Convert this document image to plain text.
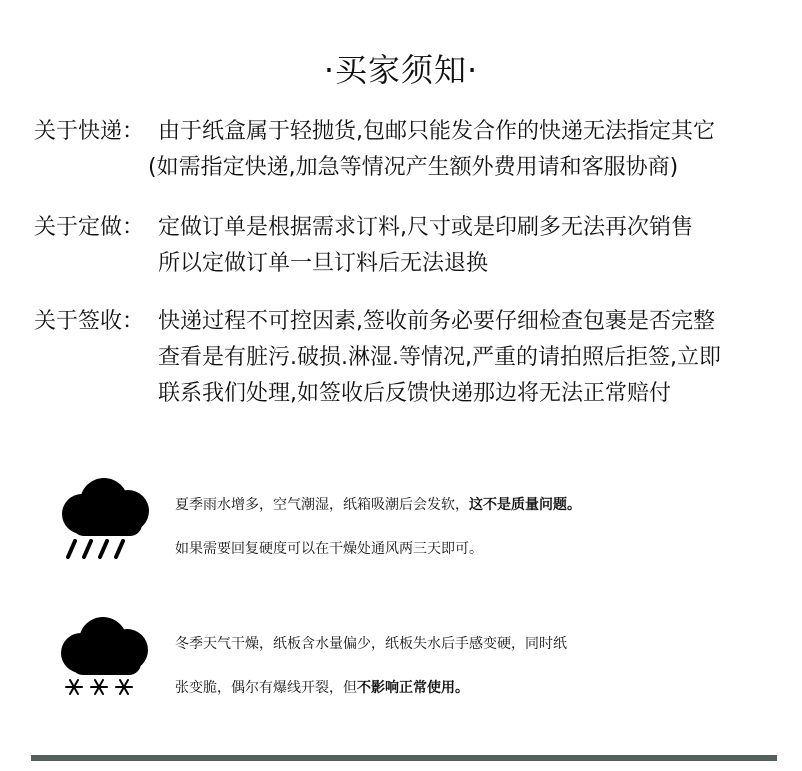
·买家须知·
关于快递： 由于纸盒属于轻抛货,包邮只能发合作的快递无法指定其它
(如需指定快递,加急等情况产生额外费用请和客服协商)
关于定做： 定做订单是根据需求订料,尺寸或是印刷多无法再次销售
所以定做订单一旦订料后无法退换
关于签收： 快递过程不可控因素,签收前务必要仔细检查包裹是否完整
查看是有脏污.破损.淋湿.等情况,严重的请拍照后拒签,立即
联系我们处理,如签收后反馈快递那边将无法正常赔付
夏季雨水增多，空气潮湿，纸箱吸潮后会发软，这不是质量问题。
如果需要回复硬度可以在干燥处通风两三天即可。
冬季天气干燥，纸板含水量偏少，纸板失水后手感变硬，同时纸
张变脆，偶尔有爆线开裂，但不影响正常使用。
